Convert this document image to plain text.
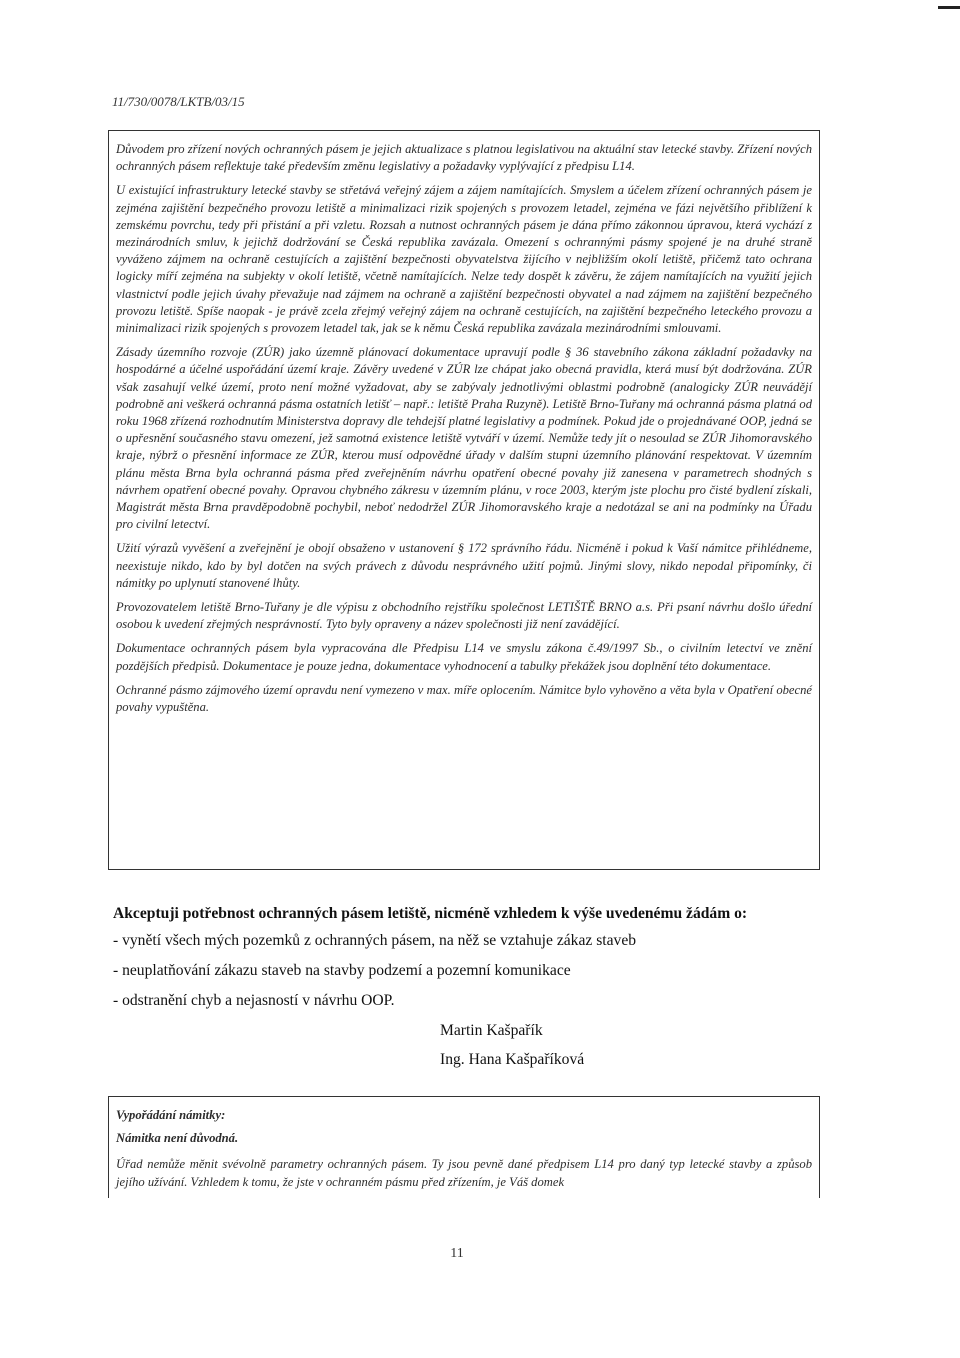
11/730/0078/LKTB/03/15

Důvodem pro zřízení nových ochranných pásem je jejich aktualizace s platnou legislativou na aktuální stav letecké stavby. Zřízení nových ochranných pásem reflektuje také především změnu legislativy a požadavky vyplývající z předpisu L14.

U existující infrastruktury letecké stavby se střetává veřejný zájem a zájem namítajících. Smyslem a účelem zřízení ochranných pásem je zejména zajištění bezpečného provozu letiště a minimalizaci rizik spojených s provozem letadel, zejména ve fázi největšího přiblížení k zemskému povrchu, tedy při přistání a při vzletu. Rozsah a nutnost ochranných pásem je dána přímo zákonnou úpravou, která vychází z mezinárodních smluv, k jejichž dodržování se Česká republika zavázala. Omezení s ochrannými pásmy spojené je na druhé straně vyváženo zájmem na ochraně cestujících a zajištění bezpečnosti obyvatelstva žijícího v nejbližším okolí letiště, přičemž tato ochrana logicky míří zejména na subjekty v okolí letiště, včetně namítajících. Nelze tedy dospět k závěru, že zájem namítajících na využití jejich vlastnictví podle jejich úvahy převažuje nad zájmem na ochraně a zajištění bezpečnosti obyvatel a nad zájmem na zajištění bezpečného provozu letiště. Spíše naopak - je právě zcela zřejmý veřejný zájem na ochraně cestujících, na zajištění bezpečného leteckého provozu a minimalizaci rizik spojených s provozem letadel tak, jak se k němu Česká republika zavázala mezinárodními smlouvami.

Zásady územního rozvoje (ZÚR) jako územně plánovací dokumentace upravují podle § 36 stavebního zákona základní požadavky na hospodárné a účelné uspořádání území kraje. Závěry uvedené v ZÚR lze chápat jako obecná pravidla, která musí být dodržována. ZÚR však zasahují velké území, proto není možné vyžadovat, aby se zabývaly jednotlivými oblastmi podrobně (analogicky ZÚR neuvádějí podrobně ani veškerá ochranná pásma ostatních letišť – např.: letiště Praha Ruzyně). Letiště Brno-Tuřany má ochranná pásma platná od roku 1968 zřízená rozhodnutím Ministerstva dopravy dle tehdejší platné legislativy a podmínek. Pokud jde o projednávané OOP, jedná se o upřesnění současného stavu omezení, jež samotná existence letiště vytváří v území. Nemůže tedy jít o nesoulad se ZÚR Jihomoravského kraje, nýbrž o přesnění informace ze ZÚR, kterou musí odpovědné úřady v dalším stupni územního plánování respektovat. V územním plánu města Brna byla ochranná pásma před zveřejněním návrhu opatření obecné povahy již zanesena v parametrech shodných s návrhem opatření obecné povahy. Opravou chybného zákresu v územním plánu, v roce 2003, kterým jste plochu pro čisté bydlení získali, Magistrát města Brna pravděpodobně pochybil, neboť nedodržel ZÚR Jihomoravského kraje a nedotázal se ani na podmínky na Úřadu pro civilní letectví.

Užití výrazů vyvěšení a zveřejnění je obojí obsaženo v ustanovení § 172 správního řádu. Nicméně i pokud k Vaší námitce přihlédneme, neexistuje nikdo, kdo by byl dotčen na svých právech z důvodu nesprávného užití pojmů. Jinými slovy, nikdo nepodal připomínky, či námitky po uplynutí stanovené lhůty.

Provozovatelem letiště Brno-Tuřany je dle výpisu z obchodního rejstříku společnost LETIŠTĚ BRNO a.s. Při psaní návrhu došlo úřední osobou k uvedení zřejmých nesprávností. Tyto byly opraveny a název společnosti již není zavádějící.

Dokumentace ochranných pásem byla vypracována dle Předpisu L14 ve smyslu zákona č.49/1997 Sb., o civilním letectví ve znění pozdějších předpisů. Dokumentace je pouze jedna, dokumentace vyhodnocení a tabulky překážek jsou doplnění této dokumentace.

Ochranné pásmo zájmového území opravdu není vymezeno v max. míře oplocením. Námitce bylo vyhověno a věta byla v Opatření obecné povahy vypuštěna.

Akceptuji potřebnost ochranných pásem letiště, nicméně vzhledem k výše uvedenému žádám o:

- vynětí všech mých pozemků z ochranných pásem, na něž se vztahuje zákaz staveb

- neuplatňování zákazu staveb na stavby podzemí a pozemní komunikace

- odstranění chyb a nejasností v návrhu OOP.

Martin Kašpařík
Ing. Hana Kašpaříková

Vypořádání námitky:

Námitka není důvodná.

Úřad nemůže měnit svévolně parametry ochranných pásem. Ty jsou pevně dané předpisem L14 pro daný typ letecké stavby a způsob jejího užívání. Vzhledem k tomu, že jste v ochranném pásmu před zřízením, je Váš domek

11
